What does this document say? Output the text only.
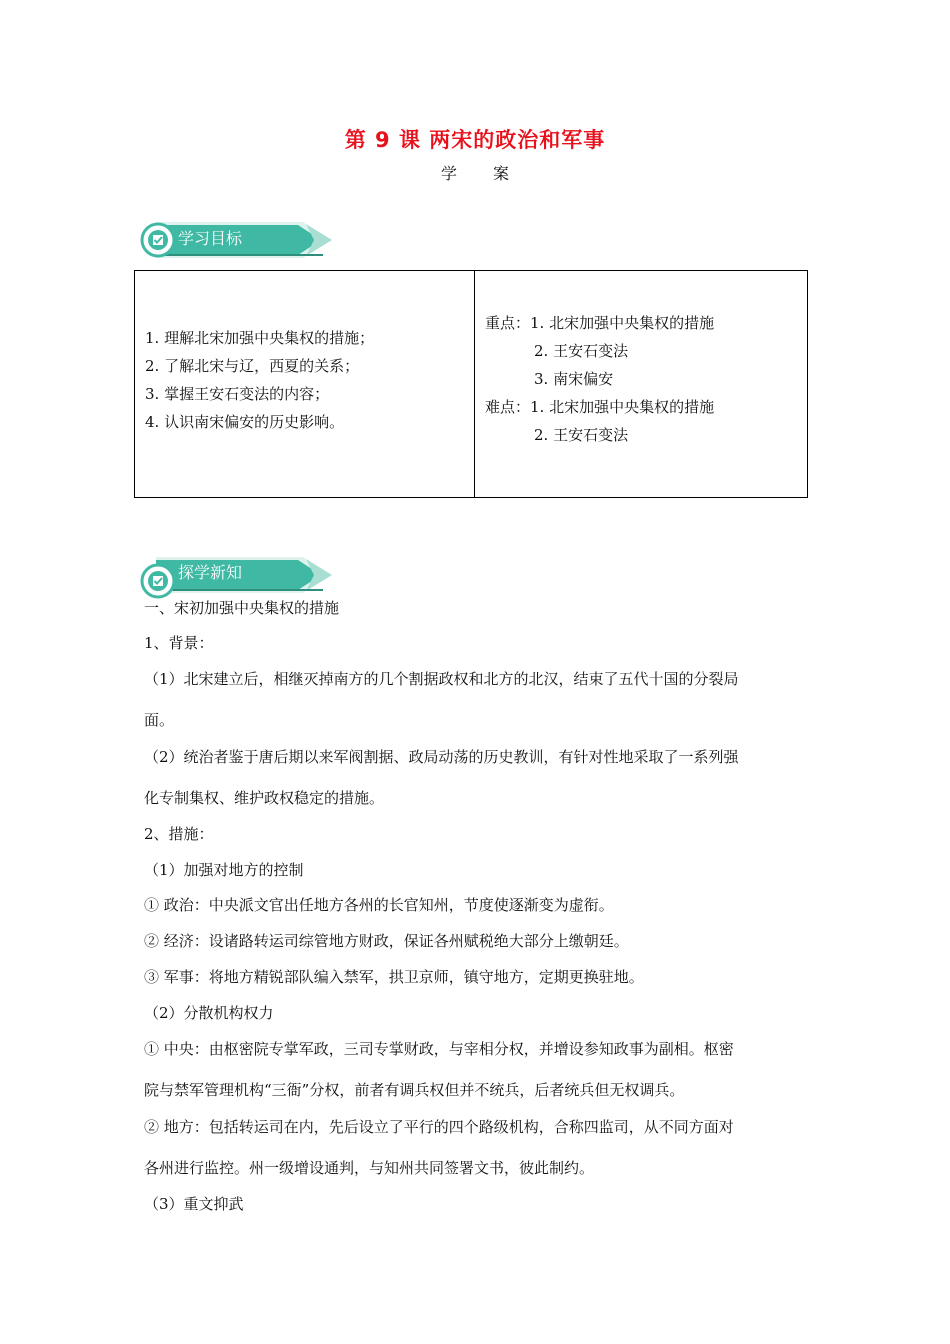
第 9 课 两宋的政治和军事
学案
学习目标
1. 理解北宋加强中央集权的措施；
2. 了解北宋与辽，西夏的关系；
3. 掌握王安石变法的内容；
4. 认识南宋偏安的历史影响。
重点：1. 北宋加强中央集权的措施
2. 王安石变法
3. 南宋偏安
难点：1. 北宋加强中央集权的措施
2. 王安石变法
探学新知
一、宋初加强中央集权的措施
1、背景：
（1）北宋建立后，相继灭掉南方的几个割据政权和北方的北汉，结束了五代十国的分裂局
面。
（2）统治者鉴于唐后期以来军阀割据、政局动荡的历史教训，有针对性地采取了一系列强
化专制集权、维护政权稳定的措施。
2、措施：
（1）加强对地方的控制
① 政治：中央派文官出任地方各州的长官知州，节度使逐渐变为虚衔。
② 经济：设诸路转运司综管地方财政，保证各州赋税绝大部分上缴朝廷。
③ 军事：将地方精锐部队编入禁军，拱卫京师，镇守地方，定期更换驻地。
（2）分散机构权力
① 中央：由枢密院专掌军政，三司专掌财政，与宰相分权，并增设参知政事为副相。枢密
院与禁军管理机构“三衙”分权，前者有调兵权但并不统兵，后者统兵但无权调兵。
② 地方：包括转运司在内，先后设立了平行的四个路级机构，合称四监司，从不同方面对
各州进行监控。州一级增设通判，与知州共同签署文书，彼此制约。
（3）重文抑武
